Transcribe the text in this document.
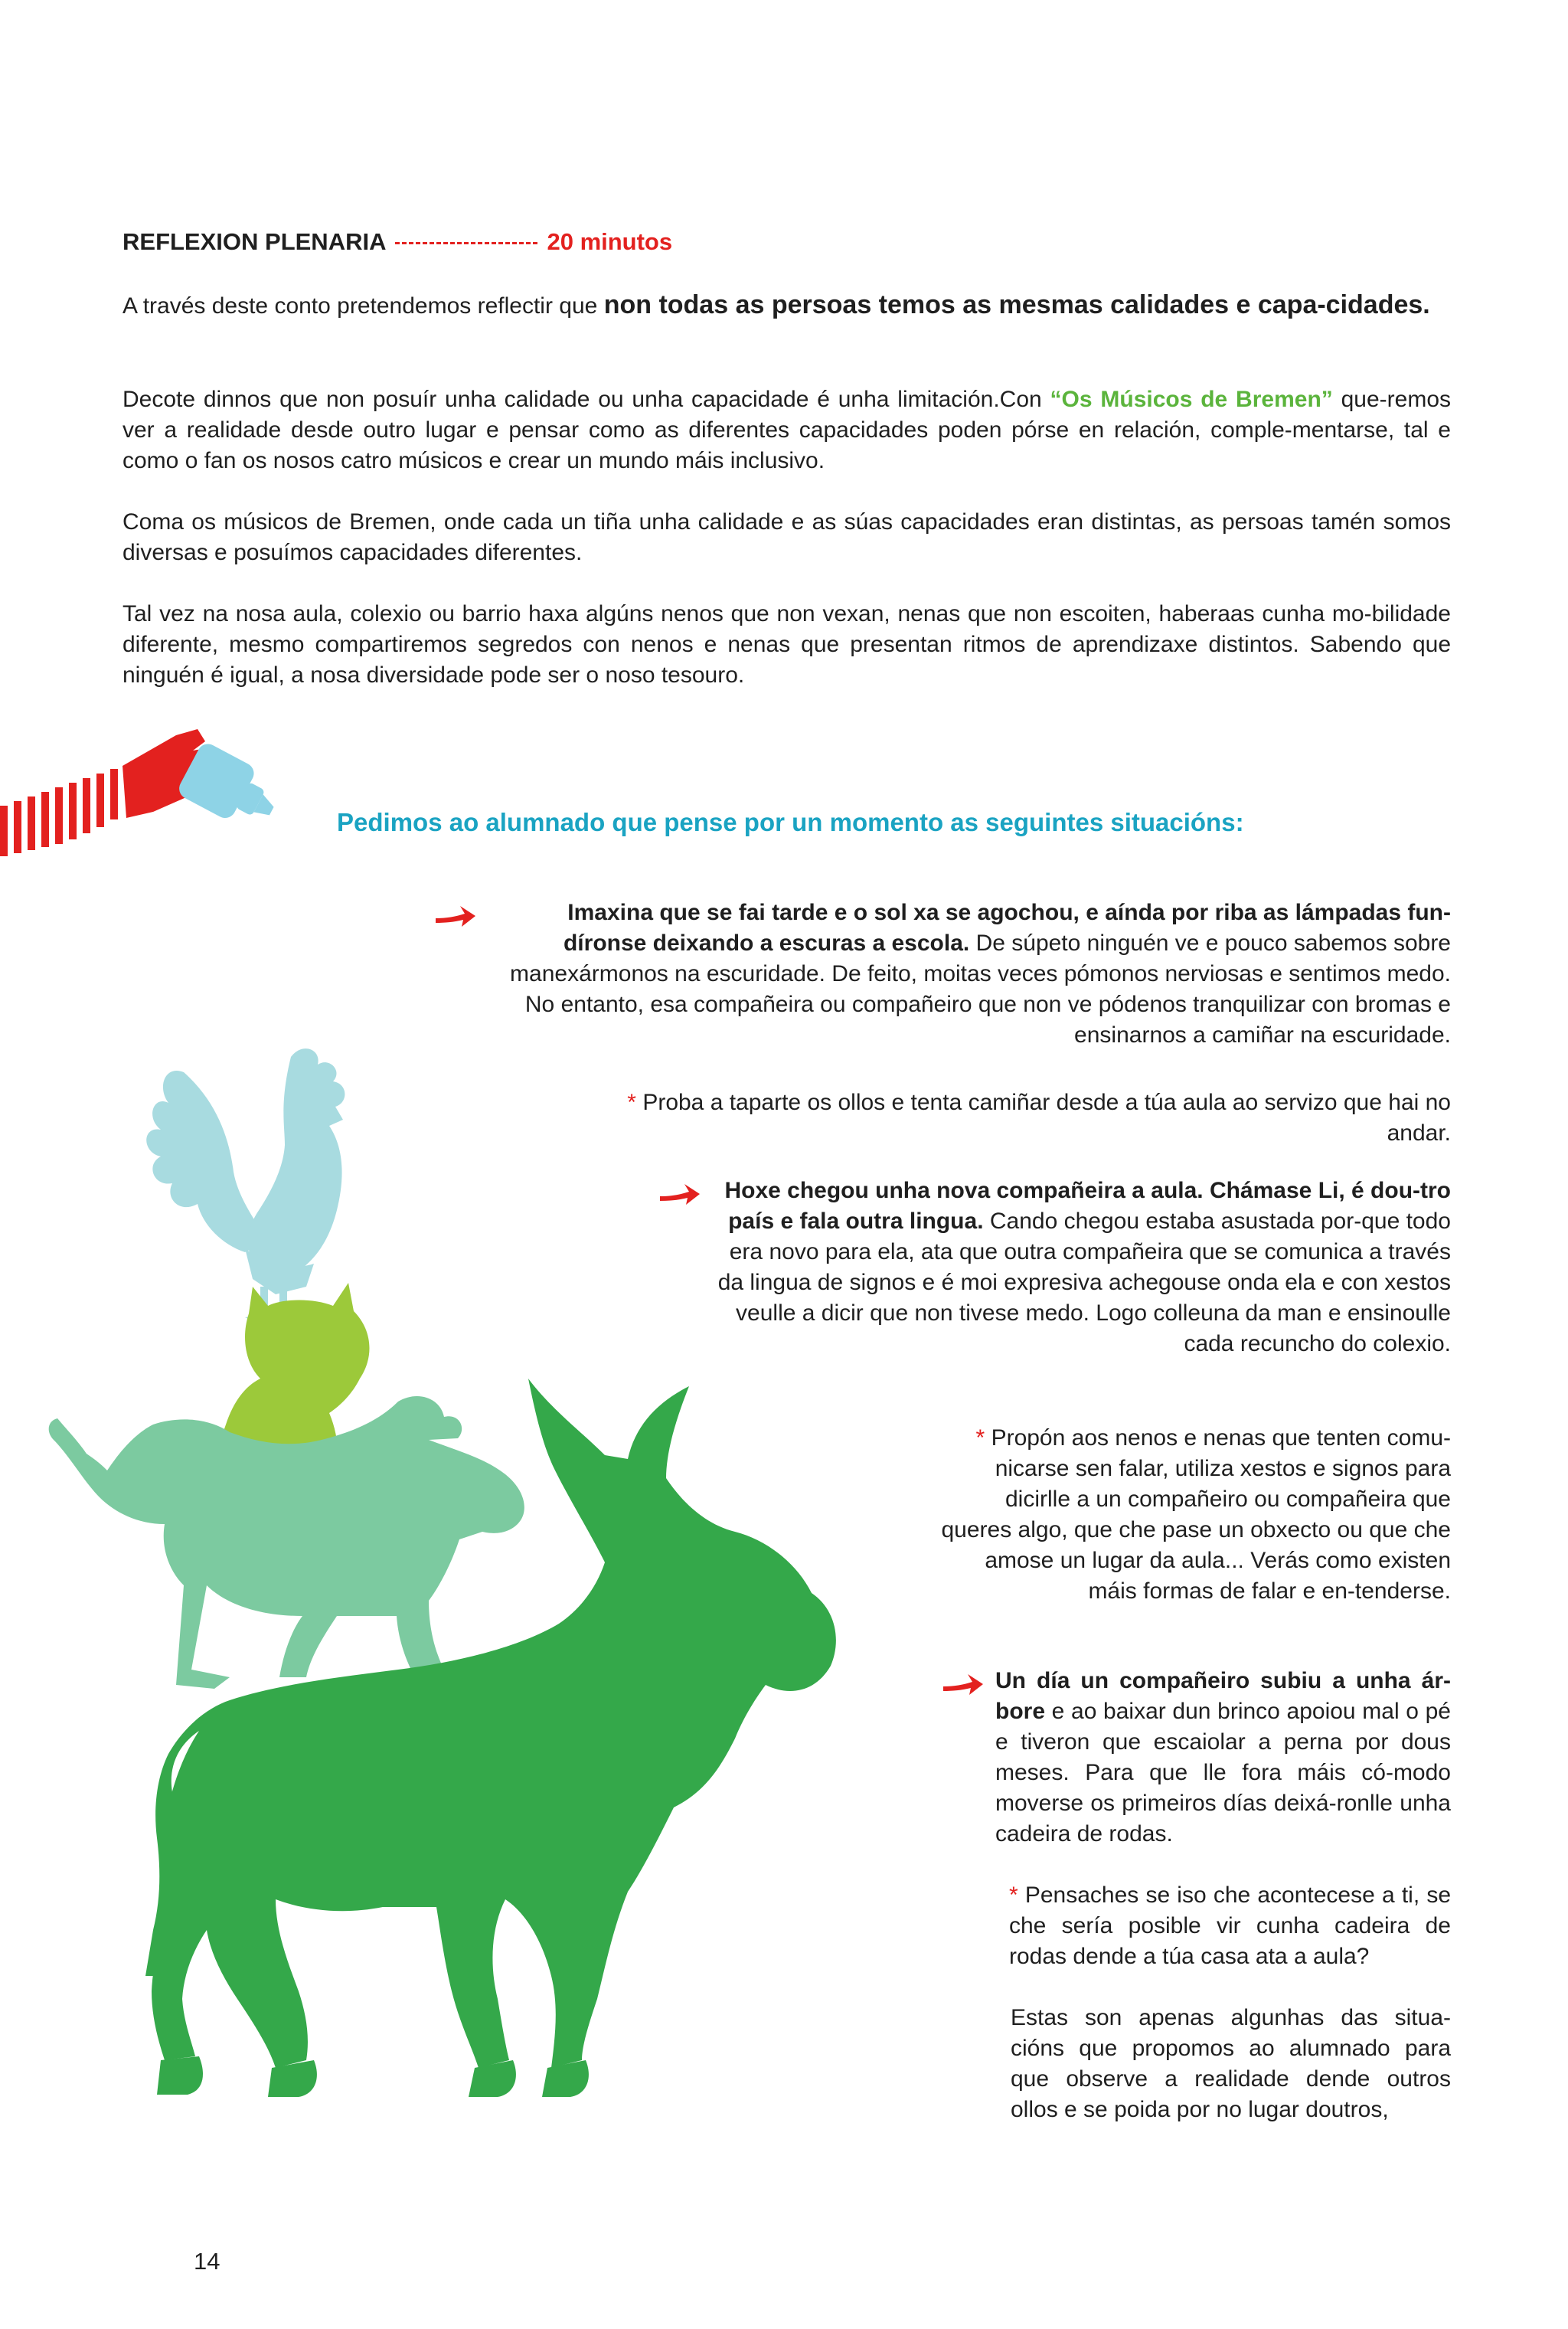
REFLEXION PLENARIA	20 minutos
A través deste conto pretendemos reflectir que non todas as persoas temos as mesmas calidades e capa-cidades.
Decote dinnos que non posuír unha calidade ou unha capacidade é unha limitación.Con “Os Músicos de Bremen” que-remos ver a realidade desde outro lugar e pensar como as diferentes capacidades poden pórse en relación, comple-mentarse, tal e como o fan os nosos catro músicos e crear un mundo máis inclusivo.
Coma os músicos de Bremen, onde cada un tiña unha calidade e as súas capacidades eran distintas, as persoas tamén somos diversas e posuímos capacidades diferentes.
Tal vez na nosa aula, colexio ou barrio haxa algúns nenos que non vexan, nenas que non escoiten, haberaas cunha mo-bilidade diferente, mesmo compartiremos segredos con nenos e nenas que presentan ritmos de aprendizaxe distintos. Sabendo que ninguén é igual, a nosa diversidade pode ser o noso tesouro.
Pedimos ao alumnado que pense por un momento as seguintes situacións:
Imaxina que se fai tarde e o sol xa se agochou, e aínda por riba as lámpadas fun-díronse deixando a escuras a escola. De súpeto ninguén ve e pouco sabemos sobre manexármonos na escuridade. De feito, moitas veces pómonos nerviosas e sentimos medo. No entanto, esa compañeira ou compañeiro que non ve pódenos tranquilizar con bromas e ensinarnos a camiñar na escuridade.
* Proba a taparte os ollos e tenta camiñar desde a túa aula ao servizo que hai no andar.
Hoxe chegou unha nova compañeira a aula. Chámase Li, é dou-tro país e fala outra lingua. Cando chegou estaba asustada por-que todo era novo para ela, ata que outra compañeira que se comunica a través da lingua de signos e é moi expresiva achegouse onda ela e con xestos veulle a dicir que non tivese medo. Logo colleuna da man e ensinoulle cada recuncho do colexio.
* Propón aos nenos e nenas que tenten comu-nicarse sen falar, utiliza xestos e signos para dicirlle a un compañeiro ou compañeira que queres algo, que che pase un obxecto ou que che amose un lugar da aula... Verás como existen máis formas de falar e en-tenderse.
Un día un compañeiro subiu a unha ár-bore e ao baixar dun brinco apoiou mal o pé e tiveron que escaiolar a perna por dous meses. Para que lle fora máis có-modo moverse os primeiros días deixá-ronlle unha cadeira de rodas.
* Pensaches se iso che acontecese a ti, se che sería posible vir cunha cadeira de rodas dende a túa casa ata a aula?
Estas son apenas algunhas das situa-cións que propomos ao alumnado para que observe a realidade dende outros ollos e se poida por no lugar doutros,
14
